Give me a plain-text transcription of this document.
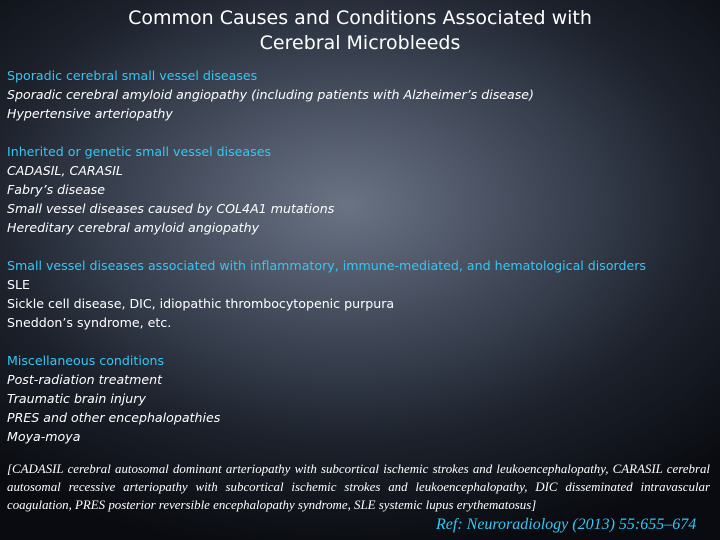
Common Causes and Conditions Associated with
Cerebral Microbleeds
Sporadic cerebral small vessel diseases
Sporadic cerebral amyloid angiopathy (including patients with Alzheimer’s disease)
Hypertensive arteriopathy
Inherited or genetic small vessel diseases
CADASIL, CARASIL
Fabry’s disease
Small vessel diseases caused by COL4A1 mutations
Hereditary cerebral amyloid angiopathy
Small vessel diseases associated with inflammatory, immune-mediated, and hematological disorders
SLE
Sickle cell disease, DIC, idiopathic thrombocytopenic purpura
Sneddon’s syndrome, etc.
Miscellaneous conditions
Post-radiation treatment
Traumatic brain injury
PRES and other encephalopathies
Moya-moya

[CADASIL cerebral autosomal dominant arteriopathy with subcortical ischemic strokes and leukoencephalopathy, CARASIL cerebral autosomal recessive arteriopathy with subcortical ischemic strokes and leukoencephalopathy, DIC disseminated intravascular coagulation, PRES posterior reversible encephalopathy syndrome, SLE systemic lupus erythematosus]

Ref: Neuroradiology (2013) 55:655–674
